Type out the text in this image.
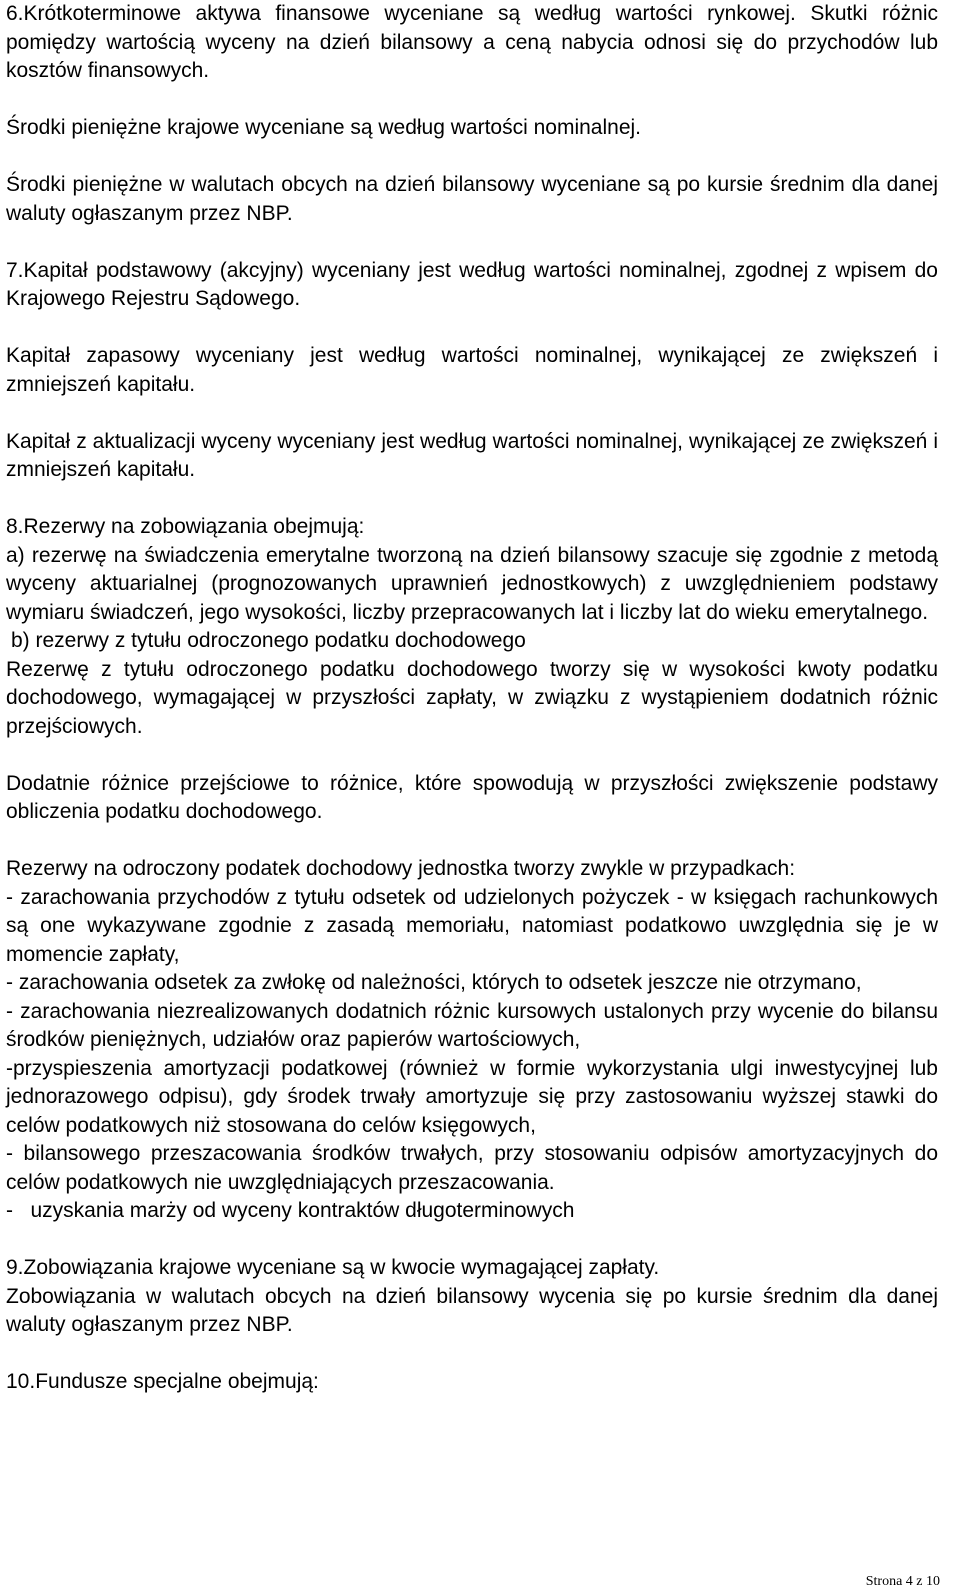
6.Krótkoterminowe aktywa finansowe wyceniane są według wartości rynkowej. Skutki różnic pomiędzy wartością wyceny na dzień bilansowy a ceną nabycia odnosi się do przychodów lub kosztów finansowych.

Środki pieniężne krajowe wyceniane są według wartości nominalnej.

Środki pieniężne w walutach obcych na dzień bilansowy wyceniane są po kursie średnim dla danej waluty ogłaszanym przez NBP.

7.Kapitał podstawowy (akcyjny) wyceniany jest według wartości nominalnej, zgodnej z wpisem do Krajowego Rejestru Sądowego.

Kapitał zapasowy wyceniany jest według wartości nominalnej, wynikającej ze zwiększeń i zmniejszeń kapitału.

Kapitał z aktualizacji wyceny wyceniany jest według wartości nominalnej, wynikającej ze zwiększeń i zmniejszeń kapitału.

8.Rezerwy na zobowiązania obejmują:

a) rezerwę na świadczenia emerytalne tworzoną na dzień bilansowy szacuje się zgodnie z metodą wyceny aktuarialnej (prognozowanych uprawnień jednostkowych) z uwzględnieniem podstawy wymiaru świadczeń, jego wysokości, liczby przepracowanych lat i liczby lat do wieku emerytalnego.

b) rezerwy z tytułu odroczonego podatku dochodowego

Rezerwę z tytułu odroczonego podatku dochodowego tworzy się w wysokości kwoty podatku dochodowego, wymagającej w przyszłości zapłaty, w związku z wystąpieniem dodatnich różnic przejściowych.

Dodatnie różnice przejściowe to różnice, które spowodują w przyszłości zwiększenie podstawy obliczenia podatku dochodowego.

Rezerwy na odroczony podatek dochodowy jednostka tworzy zwykle w przypadkach:

- zarachowania przychodów z tytułu odsetek od udzielonych pożyczek - w księgach rachunkowych są one wykazywane zgodnie z zasadą memoriału, natomiast podatkowo uwzględnia się je w momencie zapłaty,

- zarachowania odsetek za zwłokę od należności, których to odsetek jeszcze nie otrzymano,

- zarachowania niezrealizowanych dodatnich różnic kursowych ustalonych przy wycenie do bilansu środków pieniężnych, udziałów oraz papierów wartościowych,

-przyspieszenia amortyzacji podatkowej (również w formie wykorzystania ulgi inwestycyjnej lub jednorazowego odpisu), gdy środek trwały amortyzuje się przy zastosowaniu wyższej stawki do celów podatkowych niż stosowana do celów księgowych,

- bilansowego przeszacowania środków trwałych, przy stosowaniu odpisów amortyzacyjnych do celów podatkowych nie uwzględniających przeszacowania.

-   uzyskania marży od wyceny kontraktów długoterminowych

9.Zobowiązania krajowe wyceniane są w kwocie wymagającej zapłaty.

Zobowiązania w walutach obcych na dzień bilansowy wycenia się po kursie średnim dla danej waluty ogłaszanym przez NBP.

10.Fundusze specjalne obejmują:

Strona 4 z 10
